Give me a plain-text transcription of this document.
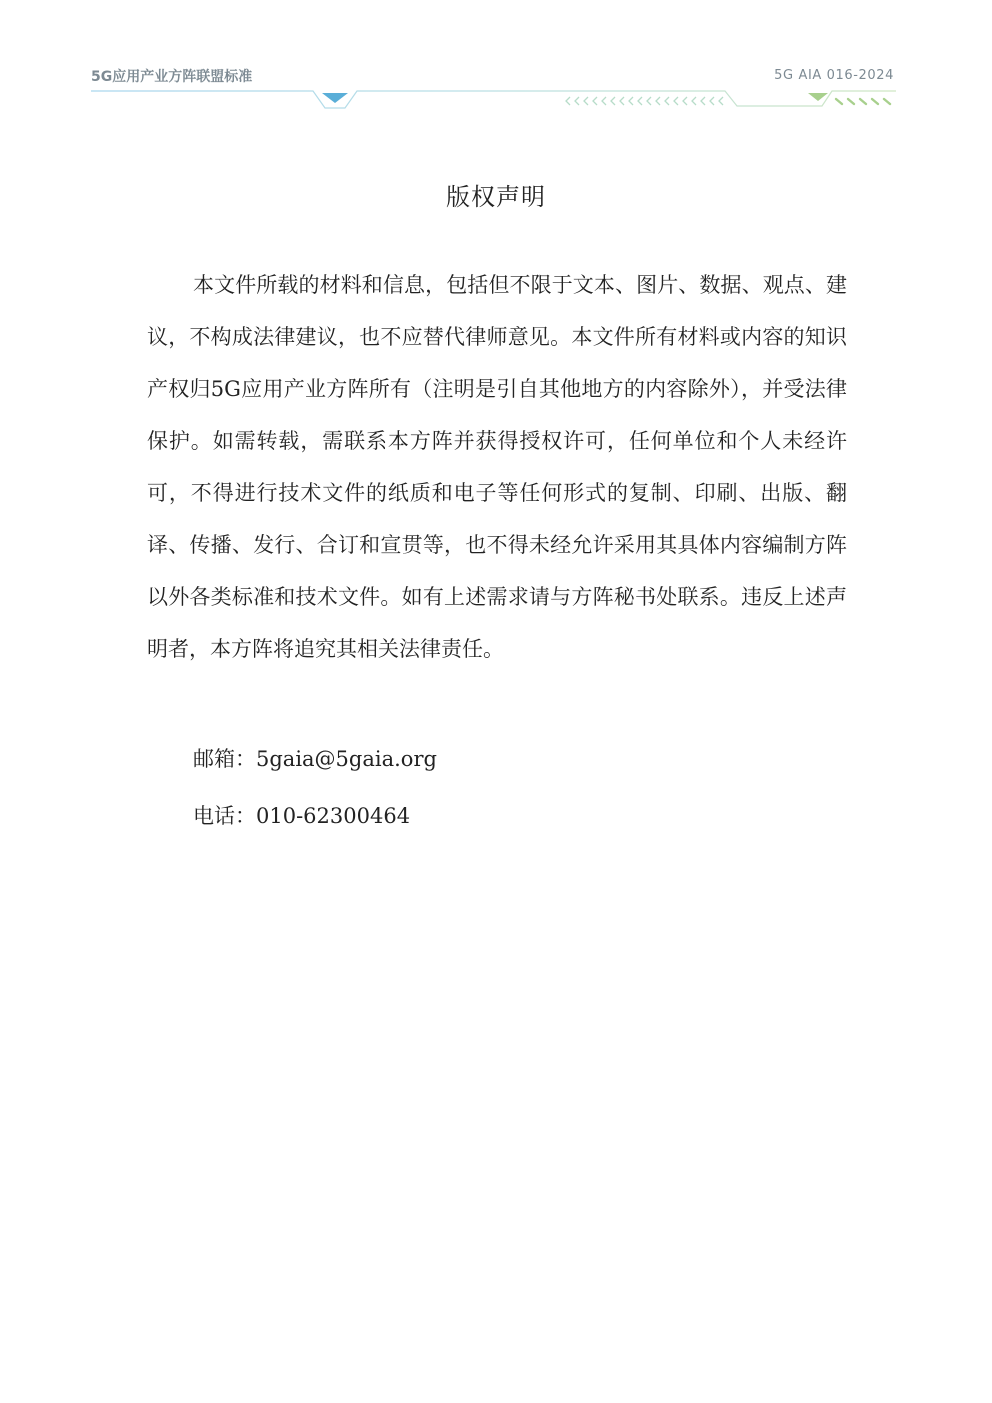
5G应用产业方阵联盟标准	5G AIA 016-2024
版权声明

本文件所载的材料和信息，包括但不限于文本、图片、数据、观点、建议，不构成法律建议，也不应替代律师意见。本文件所有材料或内容的知识产权归5G应用产业方阵所有（注明是引自其他地方的内容除外），并受法律保护。如需转载，需联系本方阵并获得授权许可，任何单位和个人未经许可，不得进行技术文件的纸质和电子等任何形式的复制、印刷、出版、翻译、传播、发行、合订和宣贯等，也不得未经允许采用其具体内容编制方阵以外各类标准和技术文件。如有上述需求请与方阵秘书处联系。违反上述声明者，本方阵将追究其相关法律责任。

邮箱：5gaia@5gaia.org
电话：010-62300464
